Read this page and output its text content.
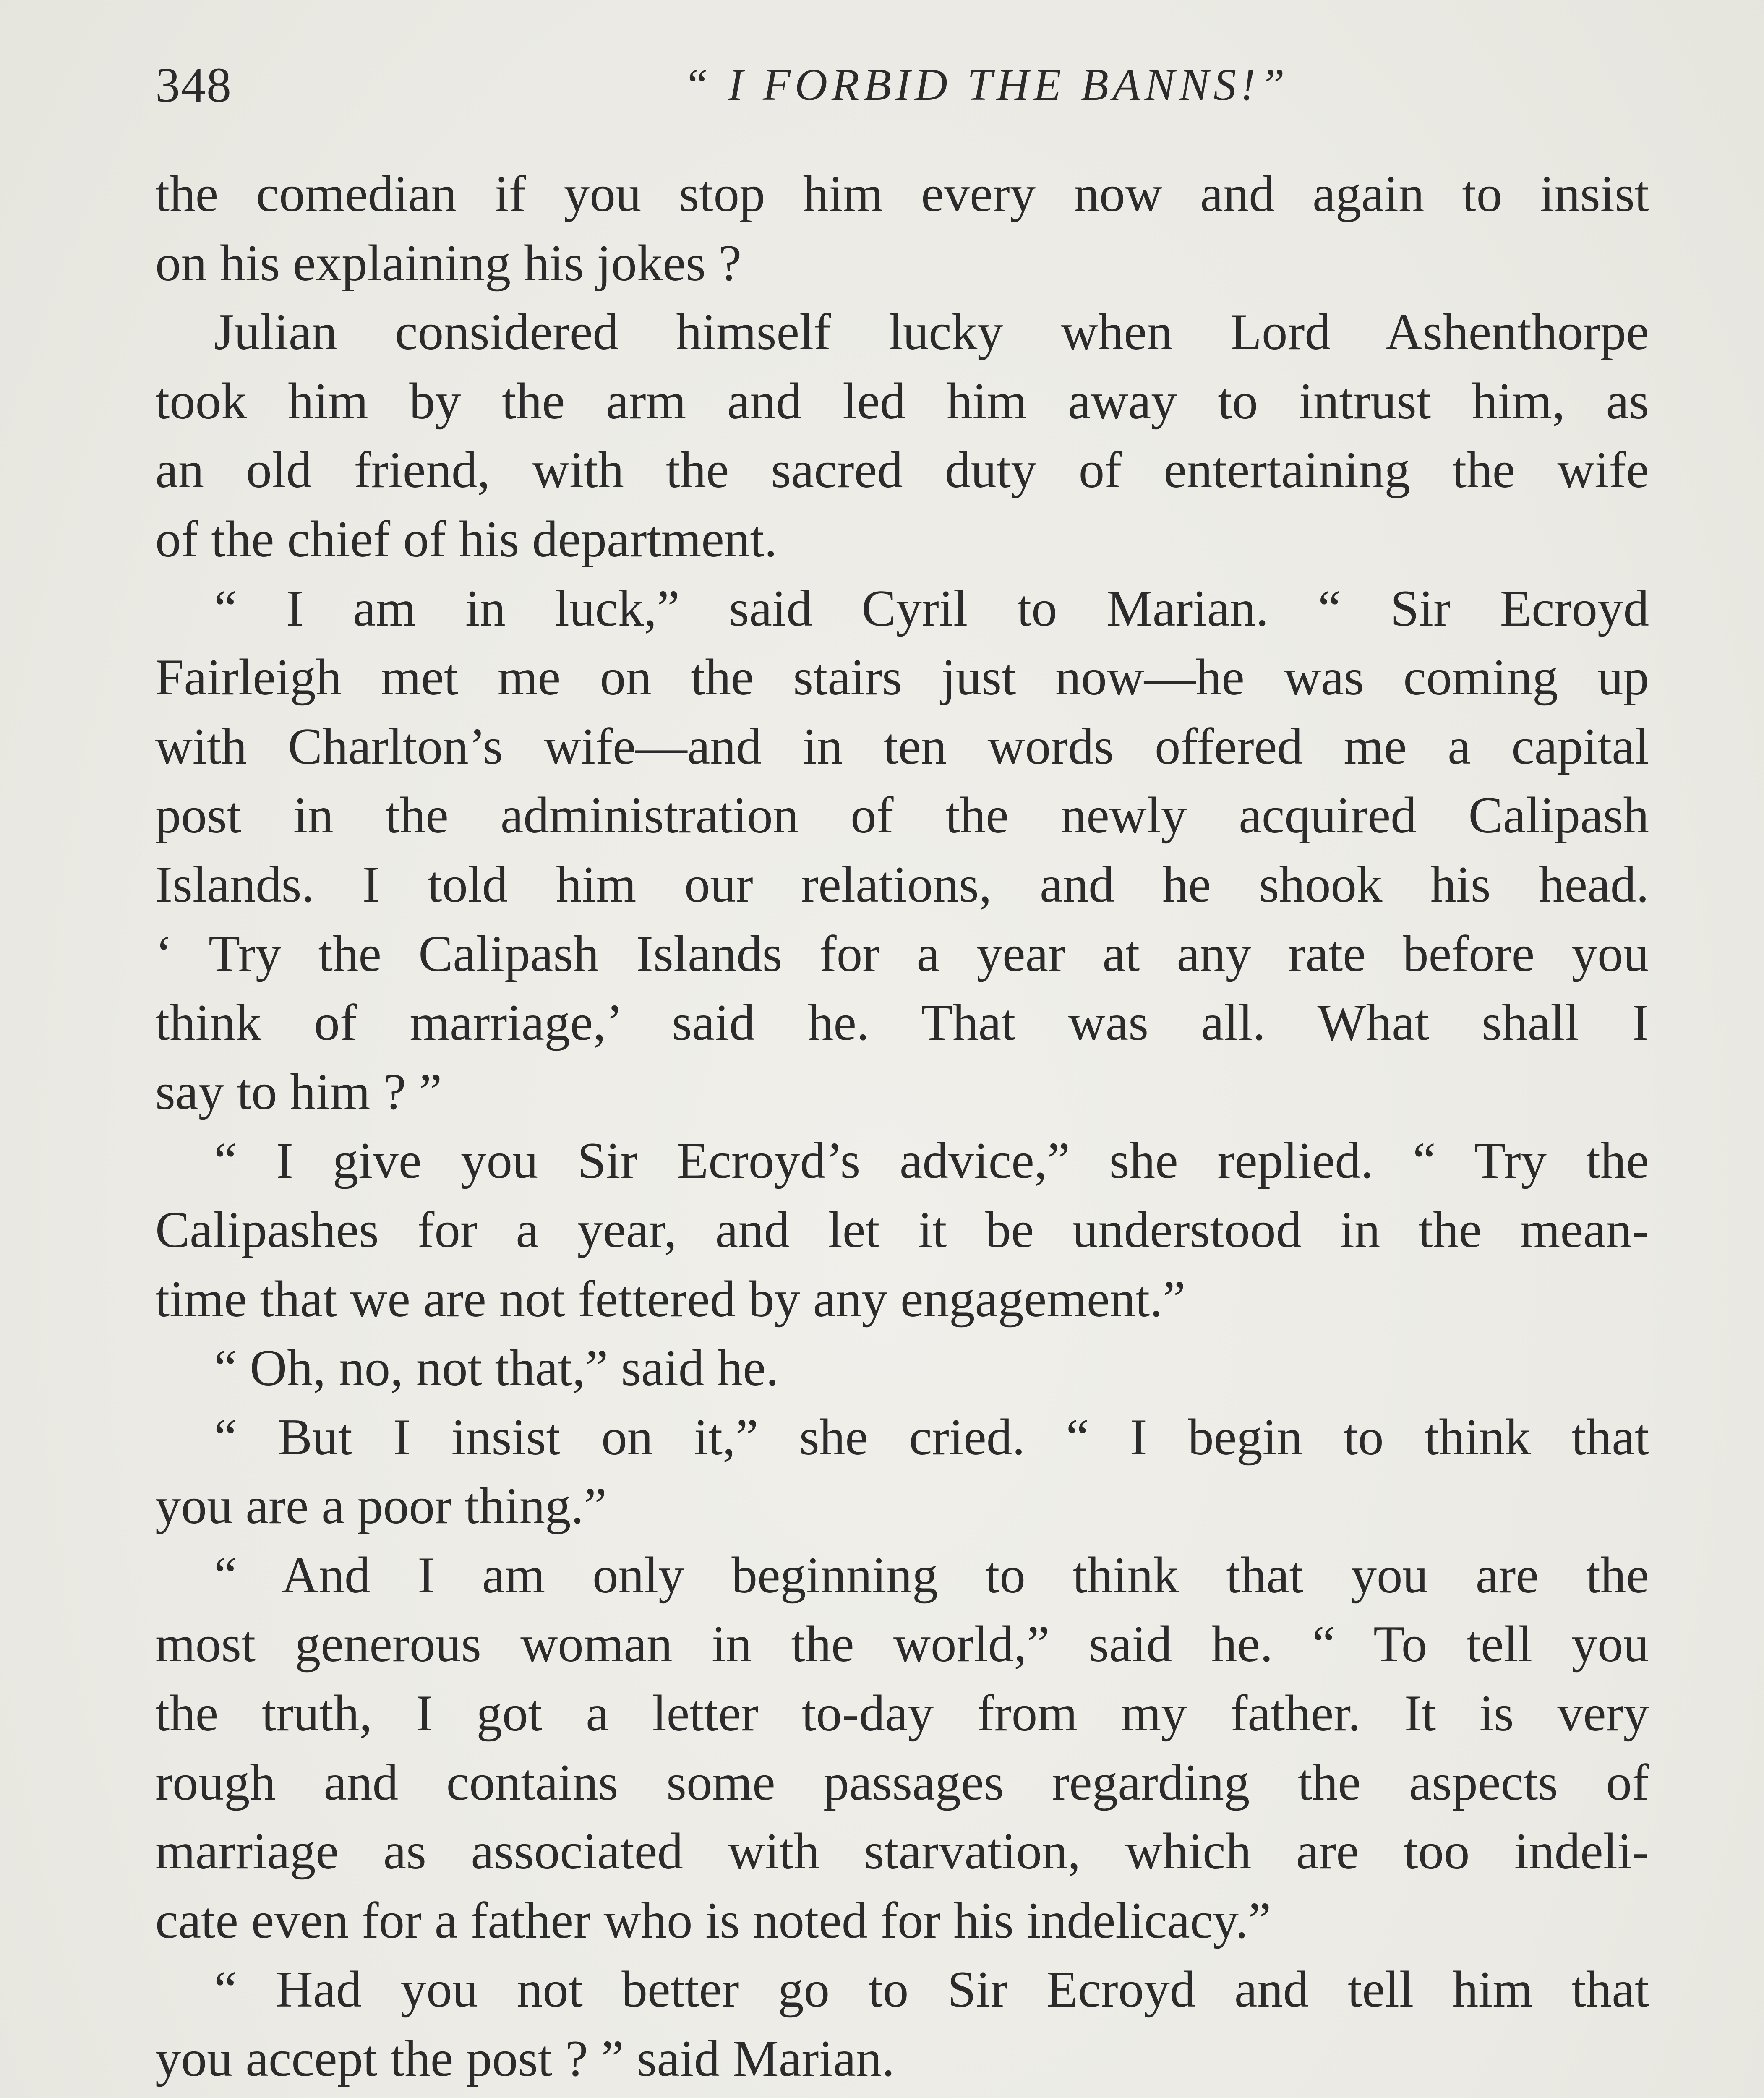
348	“ I FORBID THE BANNS!”
the comedian if you stop him every now and again to insist
on his explaining his jokes ?
Julian considered himself lucky when Lord Ashenthorpe
took him by the arm and led him away to intrust him, as
an old friend, with the sacred duty of entertaining the wife
of the chief of his department.
“ I am in luck,” said Cyril to Marian. “ Sir Ecroyd
Fairleigh met me on the stairs just now—he was coming up
with Charlton’s wife—and in ten words offered me a capital
post in the administration of the newly acquired Calipash
Islands. I told him our relations, and he shook his head.
‘ Try the Calipash Islands for a year at any rate before you
think of marriage,’ said he. That was all. What shall I
say to him ? ”
“ I give you Sir Ecroyd’s advice,” she replied. “ Try the
Calipashes for a year, and let it be understood in the mean-
time that we are not fettered by any engagement.”
“ Oh, no, not that,” said he.
“ But I insist on it,” she cried. “ I begin to think that
you are a poor thing.”
“ And I am only beginning to think that you are the
most generous woman in the world,” said he. “ To tell you
the truth, I got a letter to-day from my father. It is very
rough and contains some passages regarding the aspects of
marriage as associated with starvation, which are too indeli-
cate even for a father who is noted for his indelicacy.”
“ Had you not better go to Sir Ecroyd and tell him that
you accept the post ? ” said Marian.
